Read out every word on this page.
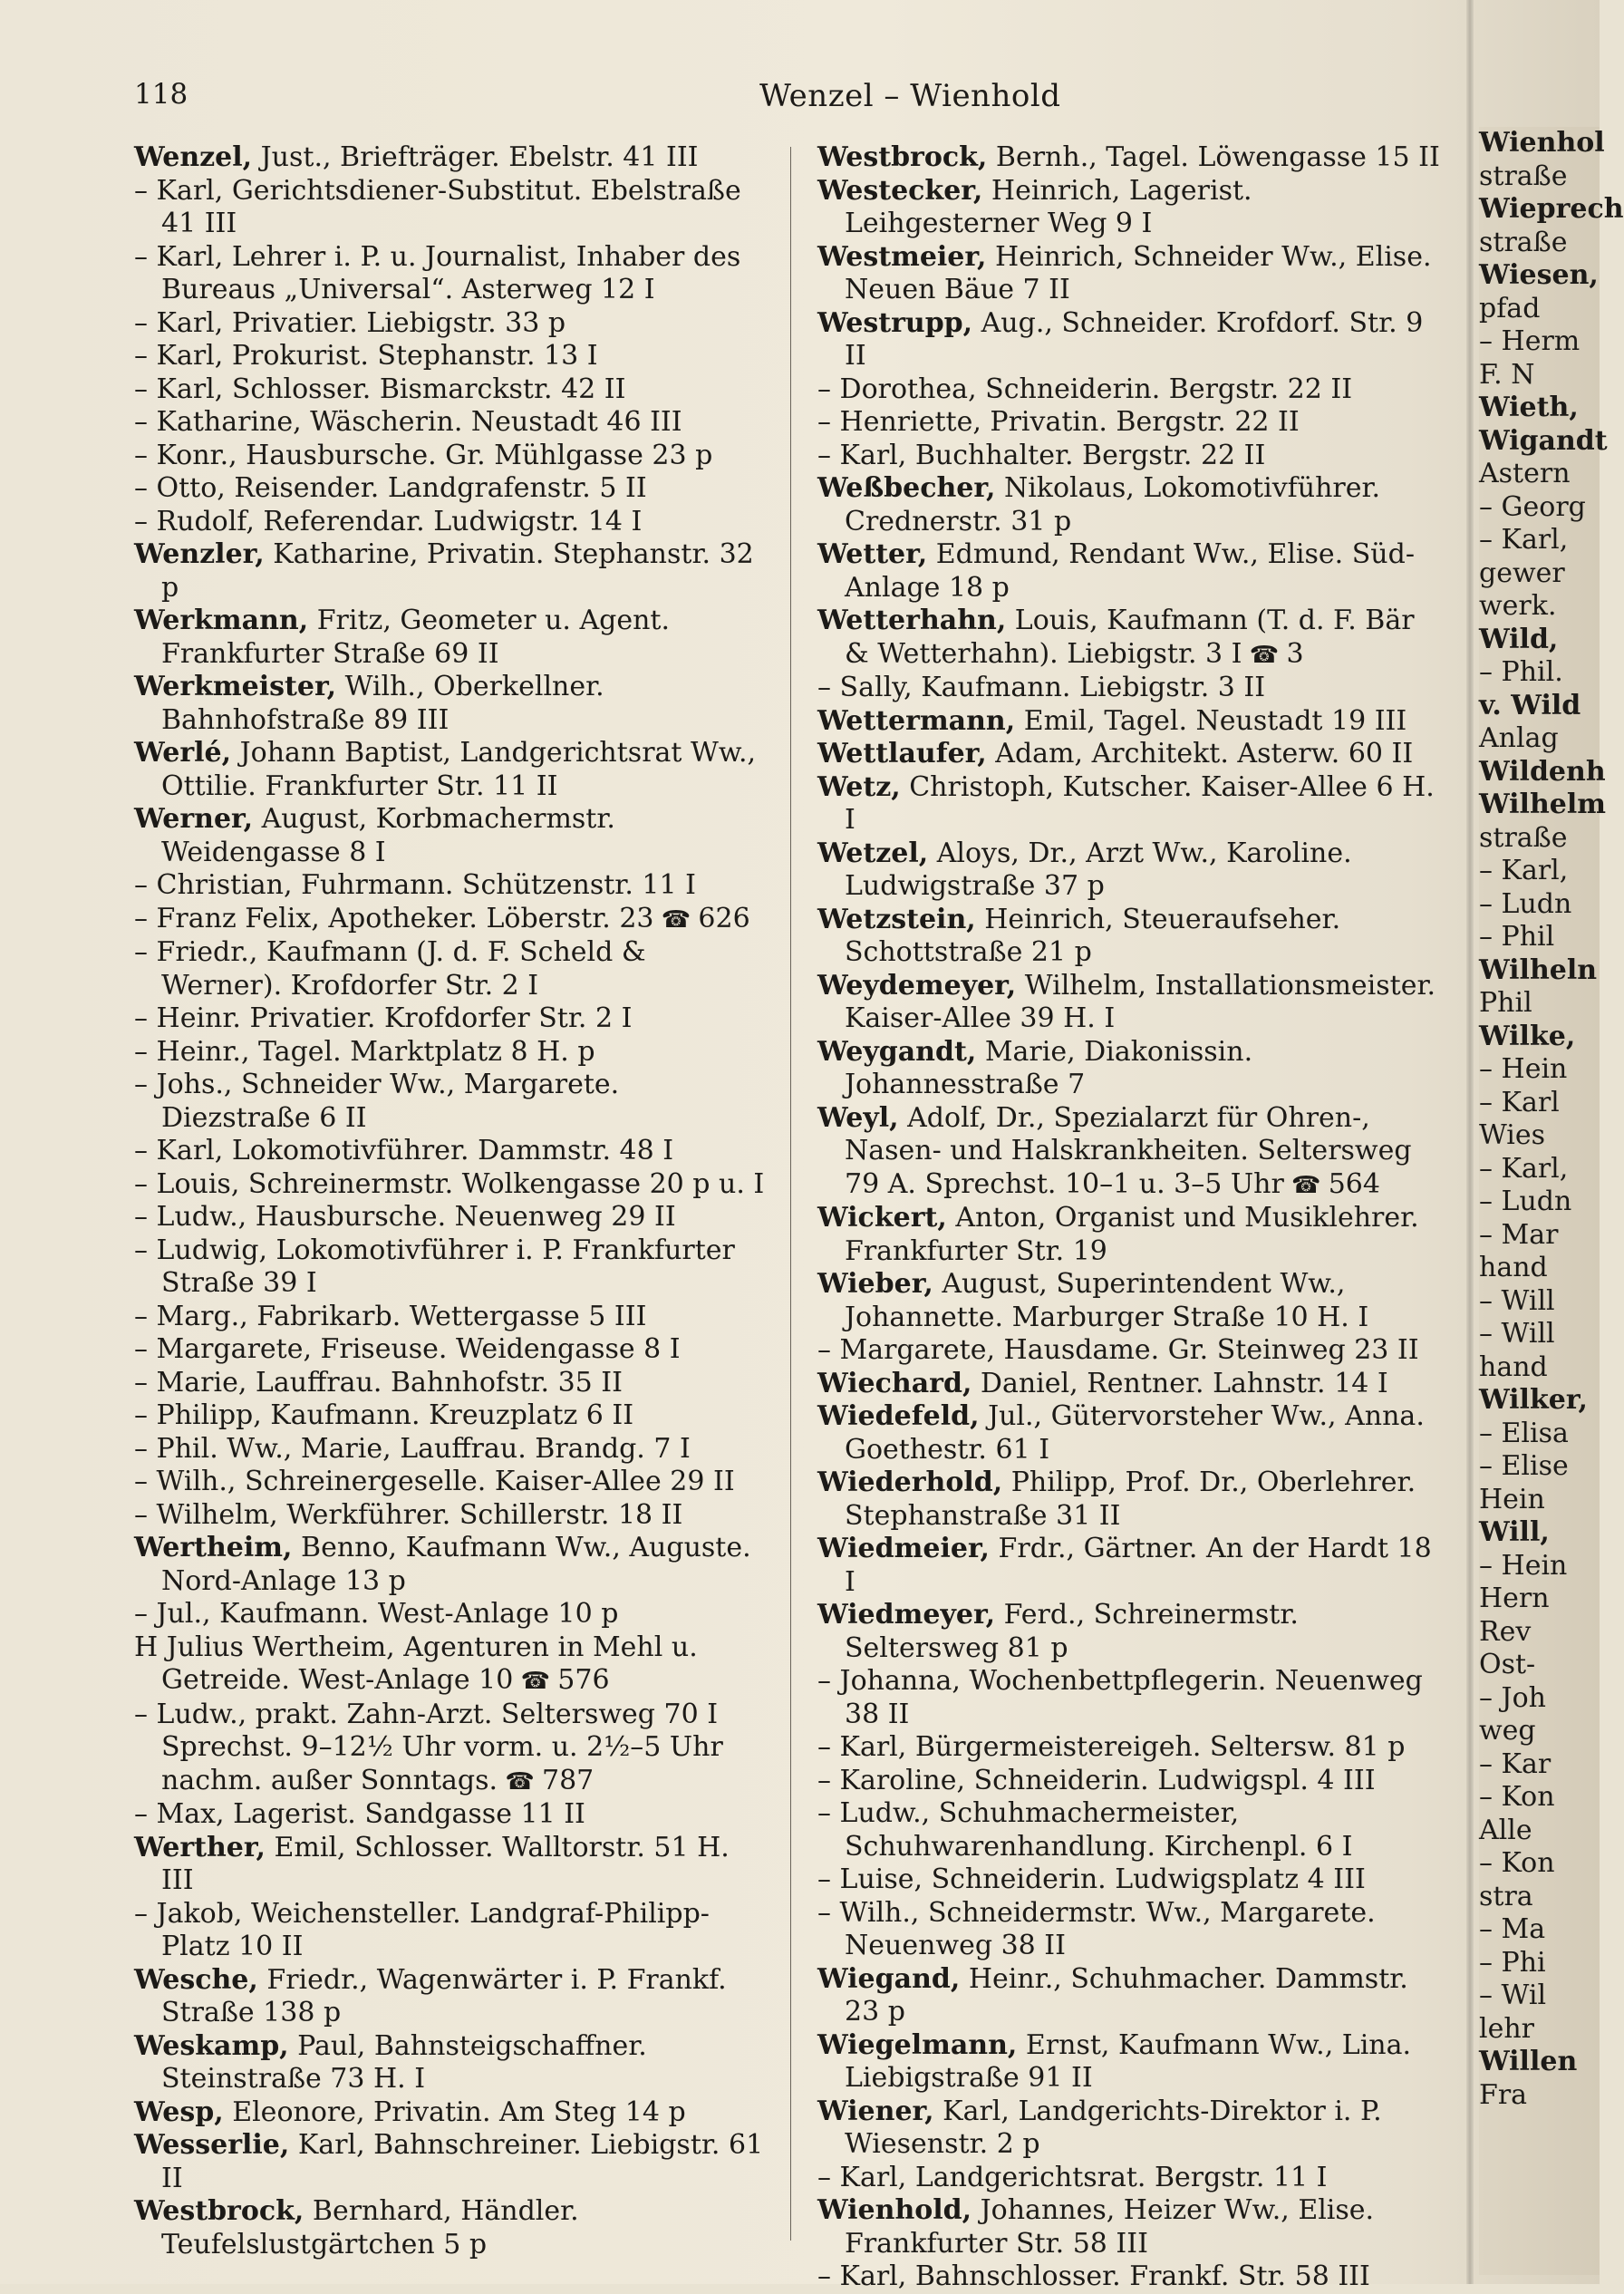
118	Wenzel – Wienhold

Wenzel, Just., Briefträger. Ebelstr. 41 III

– Karl, Gerichtsdiener-Substitut. Ebelstraße 41 III

– Karl, Lehrer i. P. u. Journalist, Inhaber des Bureaus „Universal“. Asterweg 12 I

– Karl, Privatier. Liebigstr. 33 p

– Karl, Prokurist. Stephanstr. 13 I

– Karl, Schlosser. Bismarckstr. 42 II

– Katharine, Wäscherin. Neustadt 46 III

– Konr., Hausbursche. Gr. Mühlgasse 23 p

– Otto, Reisender. Landgrafenstr. 5 II

– Rudolf, Referendar. Ludwigstr. 14 I

Wenzler, Katharine, Privatin. Stephanstr. 32 p

Werkmann, Fritz, Geometer u. Agent. Frankfurter Straße 69 II

Werkmeister, Wilh., Oberkellner. Bahnhofstraße 89 III

Werlé, Johann Baptist, Landgerichtsrat Ww., Ottilie. Frankfurter Str. 11 II

Werner, August, Korbmachermstr. Weidengasse 8 I

– Christian, Fuhrmann. Schützenstr. 11 I

– Franz Felix, Apotheker. Löberstr. 23 ☎ 626

– Friedr., Kaufmann (J. d. F. Scheld & Werner). Krofdorfer Str. 2 I

– Heinr. Privatier. Krofdorfer Str. 2 I

– Heinr., Tagel. Marktplatz 8 H. p

– Johs., Schneider Ww., Margarete. Diezstraße 6 II

– Karl, Lokomotivführer. Dammstr. 48 I

– Louis, Schreinermstr. Wolkengasse 20 p u. I

– Ludw., Hausbursche. Neuenweg 29 II

– Ludwig, Lokomotivführer i. P. Frankfurter Straße 39 I

– Marg., Fabrikarb. Wettergasse 5 III

– Margarete, Friseuse. Weidengasse 8 I

– Marie, Lauffrau. Bahnhofstr. 35 II

– Philipp, Kaufmann. Kreuzplatz 6 II

– Phil. Ww., Marie, Lauffrau. Brandg. 7 I

– Wilh., Schreinergeselle. Kaiser-Allee 29 II

– Wilhelm, Werkführer. Schillerstr. 18 II

Wertheim, Benno, Kaufmann Ww., Auguste. Nord-Anlage 13 p

– Jul., Kaufmann. West-Anlage 10 p

H Julius Wertheim, Agenturen in Mehl u. Getreide. West-Anlage 10 ☎ 576

– Ludw., prakt. Zahn-Arzt. Seltersweg 70 I Sprechst. 9–12½ Uhr vorm. u. 2½–5 Uhr nachm. außer Sonntags. ☎ 787

– Max, Lagerist. Sandgasse 11 II

Werther, Emil, Schlosser. Walltorstr. 51 H. III

– Jakob, Weichensteller. Landgraf-Philipp-Platz 10 II

Wesche, Friedr., Wagenwärter i. P. Frankf. Straße 138 p

Weskamp, Paul, Bahnsteigschaffner. Steinstraße 73 H. I

Wesp, Eleonore, Privatin. Am Steg 14 p

Wesserlie, Karl, Bahnschreiner. Liebigstr. 61 II

Westbrock, Bernhard, Händler. Teufelslustgärtchen 5 p

Westbrock, Bernh., Tagel. Löwengasse 15 II

Westecker, Heinrich, Lagerist. Leihgesterner Weg 9 I

Westmeier, Heinrich, Schneider Ww., Elise. Neuen Bäue 7 II

Westrupp, Aug., Schneider. Krofdorf. Str. 9 II

– Dorothea, Schneiderin. Bergstr. 22 II

– Henriette, Privatin. Bergstr. 22 II

– Karl, Buchhalter. Bergstr. 22 II

Weßbecher, Nikolaus, Lokomotivführer. Crednerstr. 31 p

Wetter, Edmund, Rendant Ww., Elise. Süd-Anlage 18 p

Wetterhahn, Louis, Kaufmann (T. d. F. Bär & Wetterhahn). Liebigstr. 3 I ☎ 3

– Sally, Kaufmann. Liebigstr. 3 II

Wettermann, Emil, Tagel. Neustadt 19 III

Wettlaufer, Adam, Architekt. Asterw. 60 II

Wetz, Christoph, Kutscher. Kaiser-Allee 6 H. I

Wetzel, Aloys, Dr., Arzt Ww., Karoline. Ludwigstraße 37 p

Wetzstein, Heinrich, Steueraufseher. Schottstraße 21 p

Weydemeyer, Wilhelm, Installationsmeister. Kaiser-Allee 39 H. I

Weygandt, Marie, Diakonissin. Johannesstraße 7

Weyl, Adolf, Dr., Spezialarzt für Ohren-, Nasen- und Halskrankheiten. Seltersweg 79 A. Sprechst. 10–1 u. 3–5 Uhr ☎ 564

Wickert, Anton, Organist und Musiklehrer. Frankfurter Str. 19

Wieber, August, Superintendent Ww., Johannette. Marburger Straße 10 H. I

– Margarete, Hausdame. Gr. Steinweg 23 II

Wiechard, Daniel, Rentner. Lahnstr. 14 I

Wiedefeld, Jul., Gütervorsteher Ww., Anna. Goethestr. 61 I

Wiederhold, Philipp, Prof. Dr., Oberlehrer. Stephanstraße 31 II

Wiedmeier, Frdr., Gärtner. An der Hardt 18 I

Wiedmeyer, Ferd., Schreinermstr. Seltersweg 81 p

– Johanna, Wochenbettpflegerin. Neuenweg 38 II

– Karl, Bürgermeistereigeh. Seltersw. 81 p

– Karoline, Schneiderin. Ludwigspl. 4 III

– Ludw., Schuhmachermeister, Schuhwarenhandlung. Kirchenpl. 6 I

– Luise, Schneiderin. Ludwigsplatz 4 III

– Wilh., Schneidermstr. Ww., Margarete. Neuenweg 38 II

Wiegand, Heinr., Schuhmacher. Dammstr. 23 p

Wiegelmann, Ernst, Kaufmann Ww., Lina. Liebigstraße 91 II

Wiener, Karl, Landgerichts-Direktor i. P. Wiesenstr. 2 p

– Karl, Landgerichtsrat. Bergstr. 11 I

Wienhold, Johannes, Heizer Ww., Elise. Frankfurter Str. 58 III

– Karl, Bahnschlosser. Frankf. Str. 58 III

Wienhol

straße

Wieprech

straße

Wiesen,

pfad

– Herm

F. N

Wieth,

Wigandt

Astern

– Georg

– Karl,

gewer

werk.

Wild,

– Phil.

v. Wild

Anlag

Wildenh

Wilhelm

straße

– Karl,

– Ludn

– Phil

Wilheln

Phil

Wilke,

– Hein

– Karl

Wies

– Karl,

– Ludn

– Mar

hand

– Will

– Will

hand

Wilker,

– Elisa

– Elise

Hein

Will,

– Hein

Hern

Rev

Ost-

– Joh

weg

– Kar

– Kon

Alle

– Kon

stra

– Ma

– Phi

– Wil

lehr

Willen

Fra
